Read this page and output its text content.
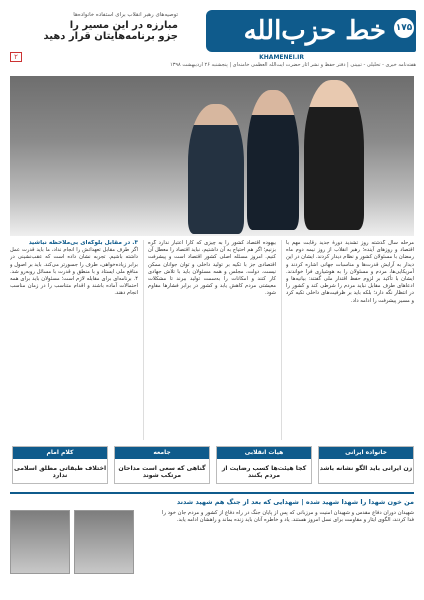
خط حزب‌الله	۱۷۵
KHAMENEI.IR
هفته‌نامه خبری - تحلیلی - تبیینی | دفتر حفظ و نشر آثار حضرت آیت‌الله العظمی خامنه‌ای | پنجشنبه ۲۶ اردیبهشت ۱۳۹۸
توصیه‌های رهبر انقلاب برای استفاده خانواده‌ها
مبارزه در این مسیر را
جزو برنامه‌هایتان قرار دهید
۲
مرحله‌ سال گذشته روز تشدید دورهٔ جدید رقابت مهم با اقتصاد و روزهای آینده؛ رهبر انقلاب از روز نیمه دوم ماه رمضان با مسئولان کشور و نظام دیدار کردند. ایشان در این دیدار به آرایش قدرت‌ها و مناسبات جهانی اشاره کردند و آمریکایی‌ها، مردم و مسئولان را به هوشیاری فرا خواندند. ایشان با تأکید بر لزوم حفظ اقتدار ملی گفتند: بیانیه‌ها و ادعاهای طرف مقابل نباید مردم را شرطی کند و کشور را در انتظار نگه دارد؛ بلکه باید بر ظرفیت‌های داخلی تکیه کرد و مسیر پیشرفت را ادامه داد.
بیهوده اقتصاد کشور را به چیزی که کارا اعتبار ندارد گره بزنیم؛ اگر هم احتیاج به آن داشتیم، نباید اقتصاد را معطل آن کنیم. امروز مسئله اصلی کشور اقتصاد است و پیشرفت اقتصادی جز با تکیه بر تولید داخلی و توان جوانان ممکن نیست. دولت، مجلس و همه مسئولان باید با تلاش جهادی کار کنند و امکانات را به‌سمت تولید ببرند تا مشکلات معیشتی مردم کاهش یابد و کشور در برابر فشارها مقاوم شود.
۳. در مقابل بلوکه‌ای بی‌ملاحظه نباشید
اگر طرف مقابل تعهداتش را انجام نداد، ما باید قدرت عمل داشته باشیم. تجربه نشان داده است که عقب‌نشینی در برابر زیاده‌خواهی، طرف را جسورتر می‌کند. باید بر اصول و منافع ملی ایستاد و با منطق و قدرت با مسائل روبه‌رو شد. ۴. برنامه‌ای برای مقابله لازم است؛ مسئولان باید برای همه احتمالات آماده باشند و اقدام متناسب را در زمان مناسب انجام دهند.
خانواده ایرانی
زن ایرانی باید الگو نشانه باشد
هیات انقلابی
کجا هیئت‌ها کسب رضایت از مردم بکنند
جامعه
گناهی که سعی است مداحان مرتکب شوند
کلام امام
اختلاف طبقاتی مطلق اسلامی ندارد
من خون شهدا را شهدا شهید شده | شهدایی که بعد از جنگ هم شهید شدند
شهیدان دوران دفاع مقدس و شهیدان امنیت و مرزبانی که پس از پایان جنگ در راه دفاع از کشور و مردم جان خود را فدا کردند، الگوی ایثار و مقاومت برای نسل امروز هستند. یاد و خاطره آنان باید زنده بماند و راهشان ادامه یابد.
